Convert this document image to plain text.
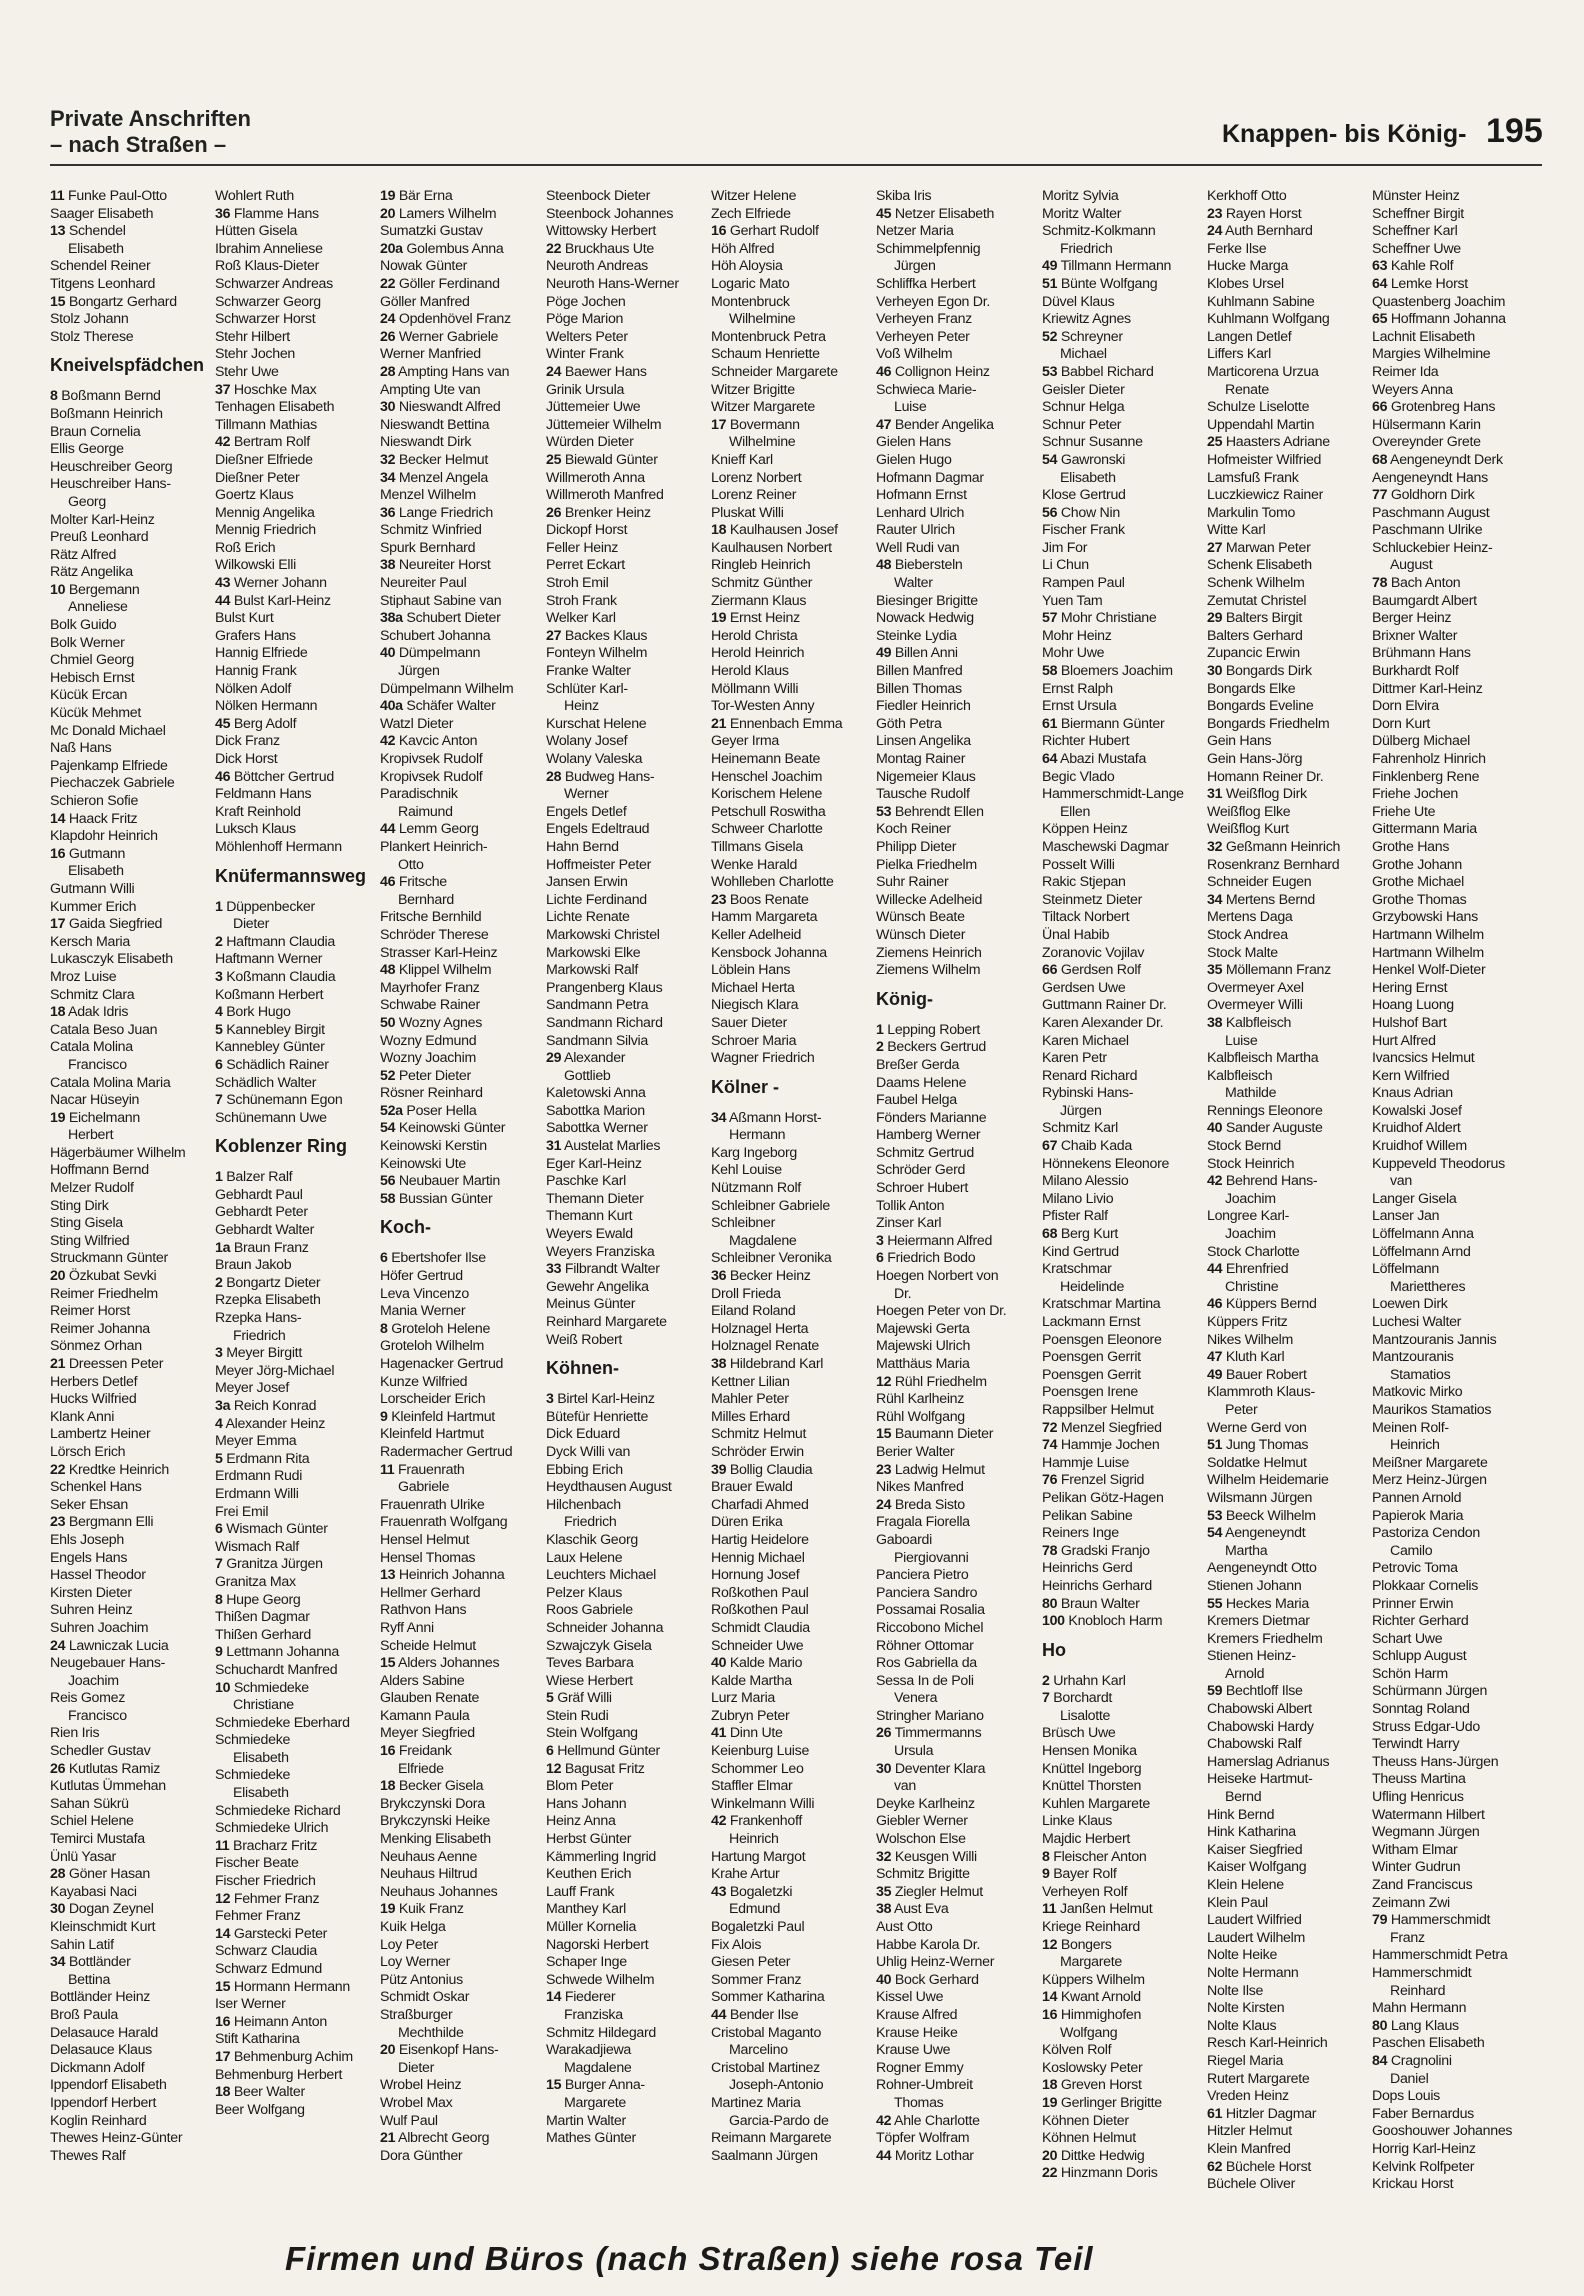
Private Anschriften
– nach Straßen –	Knappen- bis König- 195
11 Funke Paul-Otto
Saager Elisabeth
13 Schendel
Elisabeth
Schendel Reiner
Titgens Leonhard
15 Bongartz Gerhard
Stolz Johann
Stolz Therese
Kneivelspfädchen
8 Boßmann Bernd
Boßmann Heinrich
Braun Cornelia
Ellis George
Heuschreiber Georg
Heuschreiber Hans-
Georg
Molter Karl-Heinz
Preuß Leonhard
Rätz Alfred
Rätz Angelika
10 Bergemann
Anneliese
Bolk Guido
Bolk Werner
Chmiel Georg
Hebisch Ernst
Kücük Ercan
Kücük Mehmet
Mc Donald Michael
Naß Hans
Pajenkamp Elfriede
Piechaczek Gabriele
Schieron Sofie
14 Haack Fritz
Klapdohr Heinrich
16 Gutmann
Elisabeth
Gutmann Willi
Kummer Erich
17 Gaida Siegfried
Kersch Maria
Lukasczyk Elisabeth
Mroz Luise
Schmitz Clara
18 Adak Idris
Catala Beso Juan
Catala Molina
Francisco
Catala Molina Maria
Nacar Hüseyin
19 Eichelmann
Herbert
Hägerbäumer Wilhelm
Hoffmann Bernd
Melzer Rudolf
Sting Dirk
Sting Gisela
Sting Wilfried
Struckmann Günter
20 Özkubat Sevki
Reimer Friedhelm
Reimer Horst
Reimer Johanna
Sönmez Orhan
21 Dreessen Peter
Herbers Detlef
Hucks Wilfried
Klank Anni
Lambertz Heiner
Lörsch Erich
22 Kredtke Heinrich
Schenkel Hans
Seker Ehsan
23 Bergmann Elli
Ehls Joseph
Engels Hans
Hassel Theodor
Kirsten Dieter
Suhren Heinz
Suhren Joachim
24 Lawniczak Lucia
Neugebauer Hans-
Joachim
Reis Gomez
Francisco
Rien Iris
Schedler Gustav
26 Kutlutas Ramiz
Kutlutas Ümmehan
Sahan Sükrü
Schiel Helene
Temirci Mustafa
Ünlü Yasar
28 Göner Hasan
Kayabasi Naci
30 Dogan Zeynel
Kleinschmidt Kurt
Sahin Latif
34 Bottländer
Bettina
Bottländer Heinz
Broß Paula
Delasauce Harald
Delasauce Klaus
Dickmann Adolf
Ippendorf Elisabeth
Ippendorf Herbert
Koglin Reinhard
Thewes Heinz-Günter
Thewes Ralf
Wohlert Ruth
36 Flamme Hans
Hütten Gisela
Ibrahim Anneliese
Roß Klaus-Dieter
Schwarzer Andreas
Schwarzer Georg
Schwarzer Horst
Stehr Hilbert
Stehr Jochen
Stehr Uwe
37 Hoschke Max
Tenhagen Elisabeth
Tillmann Mathias
42 Bertram Rolf
Dießner Elfriede
Dießner Peter
Goertz Klaus
Mennig Angelika
Mennig Friedrich
Roß Erich
Wilkowski Elli
43 Werner Johann
44 Bulst Karl-Heinz
Bulst Kurt
Grafers Hans
Hannig Elfriede
Hannig Frank
Nölken Adolf
Nölken Hermann
45 Berg Adolf
Dick Franz
Dick Horst
46 Böttcher Gertrud
Feldmann Hans
Kraft Reinhold
Luksch Klaus
Möhlenhoff Hermann
Knüfermannsweg
1 Düppenbecker
Dieter
2 Haftmann Claudia
Haftmann Werner
3 Koßmann Claudia
Koßmann Herbert
4 Bork Hugo
5 Kannebley Birgit
Kannebley Günter
6 Schädlich Rainer
Schädlich Walter
7 Schünemann Egon
Schünemann Uwe
Koblenzer Ring
1 Balzer Ralf
Gebhardt Paul
Gebhardt Peter
Gebhardt Walter
1a Braun Franz
Braun Jakob
2 Bongartz Dieter
Rzepka Elisabeth
Rzepka Hans-
Friedrich
3 Meyer Birgitt
Meyer Jörg-Michael
Meyer Josef
3a Reich Konrad
4 Alexander Heinz
Meyer Emma
5 Erdmann Rita
Erdmann Rudi
Erdmann Willi
Frei Emil
6 Wismach Günter
Wismach Ralf
7 Granitza Jürgen
Granitza Max
8 Hupe Georg
Thißen Dagmar
Thißen Gerhard
9 Lettmann Johanna
Schuchardt Manfred
10 Schmiedeke
Christiane
Schmiedeke Eberhard
Schmiedeke
Elisabeth
Schmiedeke
Elisabeth
Schmiedeke Richard
Schmiedeke Ulrich
11 Bracharz Fritz
Fischer Beate
Fischer Friedrich
12 Fehmer Franz
Fehmer Franz
14 Garstecki Peter
Schwarz Claudia
Schwarz Edmund
15 Hormann Hermann
Iser Werner
16 Heimann Anton
Stift Katharina
17 Behmenburg Achim
Behmenburg Herbert
18 Beer Walter
Beer Wolfgang
19 Bär Erna
20 Lamers Wilhelm
Sumatzki Gustav
20a Golembus Anna
Nowak Günter
22 Göller Ferdinand
Göller Manfred
24 Opdenhövel Franz
26 Werner Gabriele
Werner Manfried
28 Ampting Hans van
Ampting Ute van
30 Nieswandt Alfred
Nieswandt Bettina
Nieswandt Dirk
32 Becker Helmut
34 Menzel Angela
Menzel Wilhelm
36 Lange Friedrich
Schmitz Winfried
Spurk Bernhard
38 Neureiter Horst
Neureiter Paul
Stiphaut Sabine van
38a Schubert Dieter
Schubert Johanna
40 Dümpelmann
Jürgen
Dümpelmann Wilhelm
40a Schäfer Walter
Watzl Dieter
42 Kavcic Anton
Kropivsek Rudolf
Kropivsek Rudolf
Paradischnik
Raimund
44 Lemm Georg
Plankert Heinrich-
Otto
46 Fritsche
Bernhard
Fritsche Bernhild
Schröder Therese
Strasser Karl-Heinz
48 Klippel Wilhelm
Mayrhofer Franz
Schwabe Rainer
50 Wozny Agnes
Wozny Edmund
Wozny Joachim
52 Peter Dieter
Rösner Reinhard
52a Poser Hella
54 Keinowski Günter
Keinowski Kerstin
Keinowski Ute
56 Neubauer Martin
58 Bussian Günter
Koch-
6 Ebertshofer Ilse
Höfer Gertrud
Leva Vincenzo
Mania Werner
8 Groteloh Helene
Groteloh Wilhelm
Hagenacker Gertrud
Kunze Wilfried
Lorscheider Erich
9 Kleinfeld Hartmut
Kleinfeld Hartmut
Radermacher Gertrud
11 Frauenrath
Gabriele
Frauenrath Ulrike
Frauenrath Wolfgang
Hensel Helmut
Hensel Thomas
13 Heinrich Johanna
Hellmer Gerhard
Rathvon Hans
Ryff Anni
Scheide Helmut
15 Alders Johannes
Alders Sabine
Glauben Renate
Kamann Paula
Meyer Siegfried
16 Freidank
Elfriede
18 Becker Gisela
Brykczynski Dora
Brykczynski Heike
Menking Elisabeth
Neuhaus Aenne
Neuhaus Hiltrud
Neuhaus Johannes
19 Kuik Franz
Kuik Helga
Loy Peter
Loy Werner
Pütz Antonius
Schmidt Oskar
Straßburger
Mechthilde
20 Eisenkopf Hans-
Dieter
Wrobel Heinz
Wrobel Max
Wulf Paul
21 Albrecht Georg
Dora Günther
Steenbock Dieter
Steenbock Johannes
Wittowsky Herbert
22 Bruckhaus Ute
Neuroth Andreas
Neuroth Hans-Werner
Pöge Jochen
Pöge Marion
Welters Peter
Winter Frank
24 Baewer Hans
Grinik Ursula
Jüttemeier Uwe
Jüttemeier Wilhelm
Würden Dieter
25 Biewald Günter
Willmeroth Anna
Willmeroth Manfred
26 Brenker Heinz
Dickopf Horst
Feller Heinz
Perret Eckart
Stroh Emil
Stroh Frank
Welker Karl
27 Backes Klaus
Fonteyn Wilhelm
Franke Walter
Schlüter Karl-
Heinz
Kurschat Helene
Wolany Josef
Wolany Valeska
28 Budweg Hans-
Werner
Engels Detlef
Engels Edeltraud
Hahn Bernd
Hoffmeister Peter
Jansen Erwin
Lichte Ferdinand
Lichte Renate
Markowski Christel
Markowski Elke
Markowski Ralf
Prangenberg Klaus
Sandmann Petra
Sandmann Richard
Sandmann Silvia
29 Alexander
Gottlieb
Kaletowski Anna
Sabottka Marion
Sabottka Werner
31 Austelat Marlies
Eger Karl-Heinz
Paschke Karl
Themann Dieter
Themann Kurt
Weyers Ewald
Weyers Franziska
33 Filbrandt Walter
Gewehr Angelika
Meinus Günter
Reinhard Margarete
Weiß Robert
Köhnen-
3 Birtel Karl-Heinz
Bütefür Henriette
Dick Eduard
Dyck Willi van
Ebbing Erich
Heydthausen August
Hilchenbach
Friedrich
Klaschik Georg
Laux Helene
Leuchters Michael
Pelzer Klaus
Roos Gabriele
Schneider Johanna
Szwajczyk Gisela
Teves Barbara
Wiese Herbert
5 Gräf Willi
Stein Rudi
Stein Wolfgang
6 Hellmund Günter
12 Bagusat Fritz
Blom Peter
Hans Johann
Heinz Anna
Herbst Günter
Kämmerling Ingrid
Keuthen Erich
Lauff Frank
Manthey Karl
Müller Kornelia
Nagorski Herbert
Schaper Inge
Schwede Wilhelm
14 Fiederer
Franziska
Schmitz Hildegard
Warakadjiewa
Magdalene
15 Burger Anna-
Margarete
Martin Walter
Mathes Günter
Witzer Helene
Zech Elfriede
16 Gerhart Rudolf
Höh Alfred
Höh Aloysia
Logaric Mato
Montenbruck
Wilhelmine
Montenbruck Petra
Schaum Henriette
Schneider Margarete
Witzer Brigitte
Witzer Margarete
17 Bovermann
Wilhelmine
Knieff Karl
Lorenz Norbert
Lorenz Reiner
Pluskat Willi
18 Kaulhausen Josef
Kaulhausen Norbert
Ringleb Heinrich
Schmitz Günther
Ziermann Klaus
19 Ernst Heinz
Herold Christa
Herold Heinrich
Herold Klaus
Möllmann Willi
Tor-Westen Anny
21 Ennenbach Emma
Geyer Irma
Heinemann Beate
Henschel Joachim
Korischem Helene
Petschull Roswitha
Schweer Charlotte
Tillmans Gisela
Wenke Harald
Wohlleben Charlotte
23 Boos Renate
Hamm Margareta
Keller Adelheid
Kensbock Johanna
Löblein Hans
Michael Herta
Niegisch Klara
Sauer Dieter
Schroer Maria
Wagner Friedrich
Kölner -
34 Aßmann Horst-
Hermann
Karg Ingeborg
Kehl Louise
Nützmann Rolf
Schleibner Gabriele
Schleibner
Magdalene
Schleibner Veronika
36 Becker Heinz
Droll Frieda
Eiland Roland
Holznagel Herta
Holznagel Renate
38 Hildebrand Karl
Kettner Lilian
Mahler Peter
Milles Erhard
Schmitz Helmut
Schröder Erwin
39 Bollig Claudia
Brauer Ewald
Charfadi Ahmed
Düren Erika
Hartig Heidelore
Hennig Michael
Hornung Josef
Roßkothen Paul
Roßkothen Paul
Schmidt Claudia
Schneider Uwe
40 Kalde Mario
Kalde Martha
Lurz Maria
Zubryn Peter
41 Dinn Ute
Keienburg Luise
Schommer Leo
Staffler Elmar
Winkelmann Willi
42 Frankenhoff
Heinrich
Hartung Margot
Krahe Artur
43 Bogaletzki
Edmund
Bogaletzki Paul
Fix Alois
Giesen Peter
Sommer Franz
Sommer Katharina
44 Bender Ilse
Cristobal Maganto
Marcelino
Cristobal Martinez
Joseph-Antonio
Martinez Maria
Garcia-Pardo de
Reimann Margarete
Saalmann Jürgen
Skiba Iris
45 Netzer Elisabeth
Netzer Maria
Schimmelpfennig
Jürgen
Schliffka Herbert
Verheyen Egon Dr.
Verheyen Franz
Verheyen Peter
Voß Wilhelm
46 Collignon Heinz
Schwieca Marie-
Luise
47 Bender Angelika
Gielen Hans
Gielen Hugo
Hofmann Dagmar
Hofmann Ernst
Lenhard Ulrich
Rauter Ulrich
Well Rudi van
48 Biebersteln
Walter
Biesinger Brigitte
Nowack Hedwig
Steinke Lydia
49 Billen Anni
Billen Manfred
Billen Thomas
Fiedler Heinrich
Göth Petra
Linsen Angelika
Montag Rainer
Nigemeier Klaus
Tausche Rudolf
53 Behrendt Ellen
Koch Reiner
Philipp Dieter
Pielka Friedhelm
Suhr Rainer
Willecke Adelheid
Wünsch Beate
Wünsch Dieter
Ziemens Heinrich
Ziemens Wilhelm
König-
1 Lepping Robert
2 Beckers Gertrud
Breßer Gerda
Daams Helene
Faubel Helga
Fönders Marianne
Hamberg Werner
Schmitz Gertrud
Schröder Gerd
Schroer Hubert
Tollik Anton
Zinser Karl
3 Heiermann Alfred
6 Friedrich Bodo
Hoegen Norbert von
Dr.
Hoegen Peter von Dr.
Majewski Gerta
Majewski Ulrich
Matthäus Maria
12 Rühl Friedhelm
Rühl Karlheinz
Rühl Wolfgang
15 Baumann Dieter
Berier Walter
23 Ladwig Helmut
Nikes Manfred
24 Breda Sisto
Fragala Fiorella
Gaboardi
Piergiovanni
Panciera Pietro
Panciera Sandro
Possamai Rosalia
Riccobono Michel
Röhner Ottomar
Ros Gabriella da
Sessa In de Poli
Venera
Stringher Mariano
26 Timmermanns
Ursula
30 Deventer Klara
van
Deyke Karlheinz
Giebler Werner
Wolschon Else
32 Keusgen Willi
Schmitz Brigitte
35 Ziegler Helmut
38 Aust Eva
Aust Otto
Habbe Karola Dr.
Uhlig Heinz-Werner
40 Bock Gerhard
Kissel Uwe
Krause Alfred
Krause Heike
Krause Uwe
Rogner Emmy
Rohner-Umbreit
Thomas
42 Ahle Charlotte
Töpfer Wolfram
44 Moritz Lothar
Moritz Sylvia
Moritz Walter
Schmitz-Kolkmann
Friedrich
49 Tillmann Hermann
51 Bünte Wolfgang
Düvel Klaus
Kriewitz Agnes
52 Schreyner
Michael
53 Babbel Richard
Geisler Dieter
Schnur Helga
Schnur Peter
Schnur Susanne
54 Gawronski
Elisabeth
Klose Gertrud
56 Chow Nin
Fischer Frank
Jim For
Li Chun
Rampen Paul
Yuen Tam
57 Mohr Christiane
Mohr Heinz
Mohr Uwe
58 Bloemers Joachim
Ernst Ralph
Ernst Ursula
61 Biermann Günter
Richter Hubert
64 Abazi Mustafa
Begic Vlado
Hammerschmidt-Lange
Ellen
Köppen Heinz
Maschewski Dagmar
Posselt Willi
Rakic Stjepan
Steinmetz Dieter
Tiltack Norbert
Ünal Habib
Zoranovic Vojilav
66 Gerdsen Rolf
Gerdsen Uwe
Guttmann Rainer Dr.
Karen Alexander Dr.
Karen Michael
Karen Petr
Renard Richard
Rybinski Hans-
Jürgen
Schmitz Karl
67 Chaib Kada
Hönnekens Eleonore
Milano Alessio
Milano Livio
Pfister Ralf
68 Berg Kurt
Kind Gertrud
Kratschmar
Heidelinde
Kratschmar Martina
Lackmann Ernst
Poensgen Eleonore
Poensgen Gerrit
Poensgen Gerrit
Poensgen Irene
Rappsilber Helmut
72 Menzel Siegfried
74 Hammje Jochen
Hammje Luise
76 Frenzel Sigrid
Pelikan Götz-Hagen
Pelikan Sabine
Reiners Inge
78 Gradski Franjo
Heinrichs Gerd
Heinrichs Gerhard
80 Braun Walter
100 Knobloch Harm
Ho
2 Urhahn Karl
7 Borchardt
Lisalotte
Brüsch Uwe
Hensen Monika
Knüttel Ingeborg
Knüttel Thorsten
Kuhlen Margarete
Linke Klaus
Majdic Herbert
8 Fleischer Anton
9 Bayer Rolf
Verheyen Rolf
11 Janßen Helmut
Kriege Reinhard
12 Bongers
Margarete
Küppers Wilhelm
14 Kwant Arnold
16 Himmighofen
Wolfgang
Kölven Rolf
Koslowsky Peter
18 Greven Horst
19 Gerlinger Brigitte
Köhnen Dieter
Köhnen Helmut
20 Dittke Hedwig
22 Hinzmann Doris
Kerkhoff Otto
23 Rayen Horst
24 Auth Bernhard
Ferke Ilse
Hucke Marga
Klobes Ursel
Kuhlmann Sabine
Kuhlmann Wolfgang
Langen Detlef
Liffers Karl
Marticorena Urzua
Renate
Schulze Liselotte
Uppendahl Martin
25 Haasters Adriane
Hofmeister Wilfried
Lamsfuß Frank
Luczkiewicz Rainer
Markulin Tomo
Witte Karl
27 Marwan Peter
Schenk Elisabeth
Schenk Wilhelm
Zemutat Christel
29 Balters Birgit
Balters Gerhard
Zupancic Erwin
30 Bongards Dirk
Bongards Elke
Bongards Eveline
Bongards Friedhelm
Gein Hans
Gein Hans-Jörg
Homann Reiner Dr.
31 Weißflog Dirk
Weißflog Elke
Weißflog Kurt
32 Geßmann Heinrich
Rosenkranz Bernhard
Schneider Eugen
34 Mertens Bernd
Mertens Daga
Stock Andrea
Stock Malte
35 Möllemann Franz
Overmeyer Axel
Overmeyer Willi
38 Kalbfleisch
Luise
Kalbfleisch Martha
Kalbfleisch
Mathilde
Rennings Eleonore
40 Sander Auguste
Stock Bernd
Stock Heinrich
42 Behrend Hans-
Joachim
Longree Karl-
Joachim
Stock Charlotte
44 Ehrenfried
Christine
46 Küppers Bernd
Küppers Fritz
Nikes Wilhelm
47 Kluth Karl
49 Bauer Robert
Klammroth Klaus-
Peter
Werne Gerd von
51 Jung Thomas
Soldatke Helmut
Wilhelm Heidemarie
Wilsmann Jürgen
53 Beeck Wilhelm
54 Aengeneyndt
Martha
Aengeneyndt Otto
Stienen Johann
55 Heckes Maria
Kremers Dietmar
Kremers Friedhelm
Stienen Heinz-
Arnold
59 Bechtloff Ilse
Chabowski Albert
Chabowski Hardy
Chabowski Ralf
Hamerslag Adrianus
Heiseke Hartmut-
Bernd
Hink Bernd
Hink Katharina
Kaiser Siegfried
Kaiser Wolfgang
Klein Helene
Klein Paul
Laudert Wilfried
Laudert Wilhelm
Nolte Heike
Nolte Hermann
Nolte Ilse
Nolte Kirsten
Nolte Klaus
Resch Karl-Heinrich
Riegel Maria
Rutert Margarete
Vreden Heinz
61 Hitzler Dagmar
Hitzler Helmut
Klein Manfred
62 Büchele Horst
Büchele Oliver
Münster Heinz
Scheffner Birgit
Scheffner Karl
Scheffner Uwe
63 Kahle Rolf
64 Lemke Horst
Quastenberg Joachim
65 Hoffmann Johanna
Lachnit Elisabeth
Margies Wilhelmine
Reimer Ida
Weyers Anna
66 Grotenbreg Hans
Hülsermann Karin
Overeynder Grete
68 Aengeneyndt Derk
Aengeneyndt Hans
77 Goldhorn Dirk
Paschmann August
Paschmann Ulrike
Schluckebier Heinz-
August
78 Bach Anton
Baumgardt Albert
Berger Heinz
Brixner Walter
Brühmann Hans
Burkhardt Rolf
Dittmer Karl-Heinz
Dorn Elvira
Dorn Kurt
Dülberg Michael
Fahrenholz Hinrich
Finklenberg Rene
Friehe Jochen
Friehe Ute
Gittermann Maria
Grothe Hans
Grothe Johann
Grothe Michael
Grothe Thomas
Grzybowski Hans
Hartmann Wilhelm
Hartmann Wilhelm
Henkel Wolf-Dieter
Hering Ernst
Hoang Luong
Hulshof Bart
Hurt Alfred
Ivancsics Helmut
Kern Wilfried
Knaus Adrian
Kowalski Josef
Kruidhof Aldert
Kruidhof Willem
Kuppeveld Theodorus
van
Langer Gisela
Lanser Jan
Löffelmann Anna
Löffelmann Arnd
Löffelmann
Mariettheres
Loewen Dirk
Luchesi Walter
Mantzouranis Jannis
Mantzouranis
Stamatios
Matkovic Mirko
Maurikos Stamatios
Meinen Rolf-
Heinrich
Meißner Margarete
Merz Heinz-Jürgen
Pannen Arnold
Papierok Maria
Pastoriza Cendon
Camilo
Petrovic Toma
Plokkaar Cornelis
Prinner Erwin
Richter Gerhard
Schart Uwe
Schlupp August
Schön Harm
Schürmann Jürgen
Sonntag Roland
Struss Edgar-Udo
Terwindt Harry
Theuss Hans-Jürgen
Theuss Martina
Ufling Henricus
Watermann Hilbert
Wegmann Jürgen
Witham Elmar
Winter Gudrun
Zand Franciscus
Zeimann Zwi
79 Hammerschmidt
Franz
Hammerschmidt Petra
Hammerschmidt
Reinhard
Mahn Hermann
80 Lang Klaus
Paschen Elisabeth
84 Cragnolini
Daniel
Dops Louis
Faber Bernardus
Gooshouwer Johannes
Horrig Karl-Heinz
Kelvink Rolfpeter
Krickau Horst
Firmen und Büros (nach Straßen) siehe rosa Teil
